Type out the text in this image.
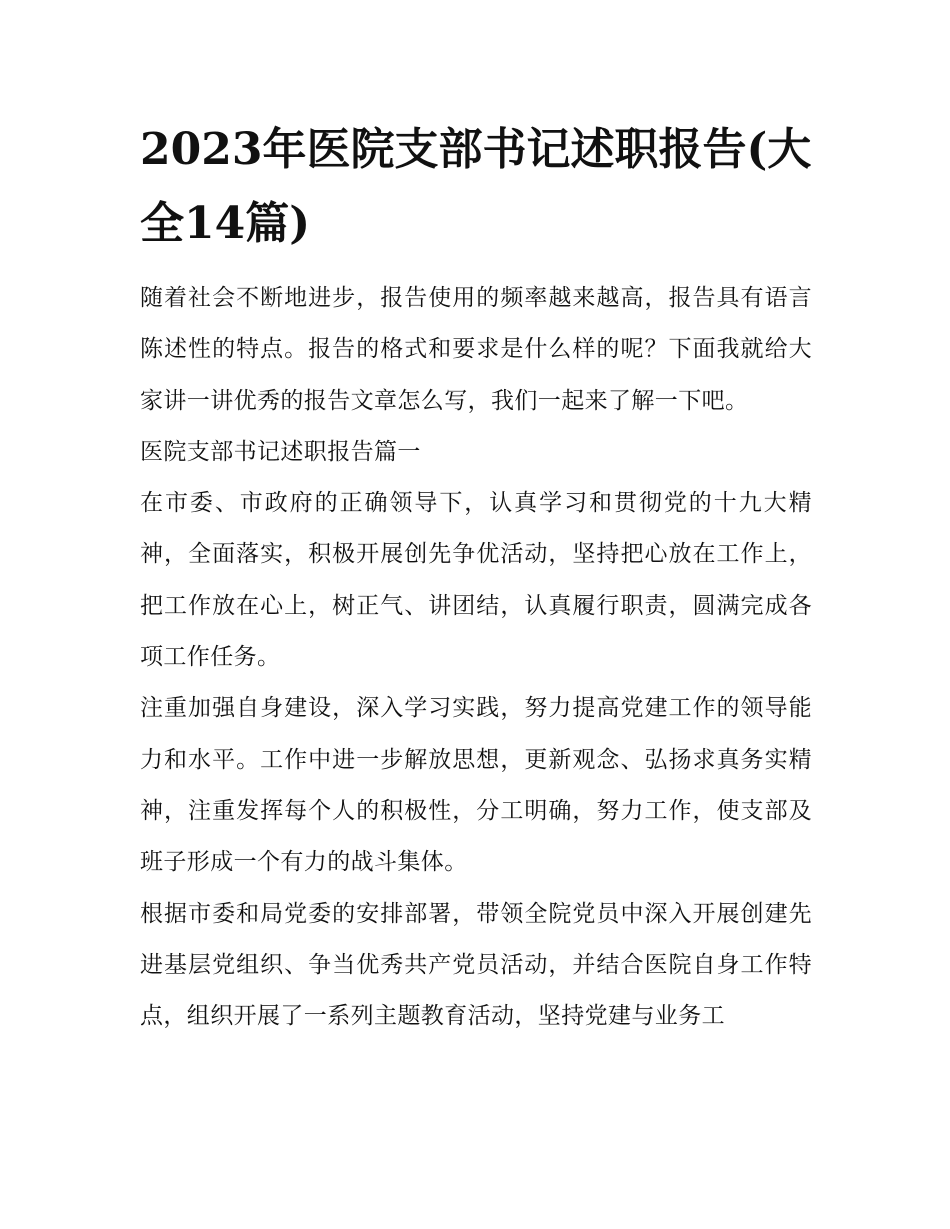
2023年医院支部书记述职报告(大全14篇)

随着社会不断地进步，报告使用的频率越来越高，报告具有语言陈述性的特点。报告的格式和要求是什么样的呢？下面我就给大家讲一讲优秀的报告文章怎么写，我们一起来了解一下吧。

医院支部书记述职报告篇一

在市委、市政府的正确领导下，认真学习和贯彻党的十九大精神，全面落实，积极开展创先争优活动，坚持把心放在工作上，把工作放在心上，树正气、讲团结，认真履行职责，圆满完成各项工作任务。

注重加强自身建设，深入学习实践，努力提高党建工作的领导能力和水平。工作中进一步解放思想，更新观念、弘扬求真务实精神，注重发挥每个人的积极性，分工明确，努力工作，使支部及班子形成一个有力的战斗集体。

根据市委和局党委的安排部署，带领全院党员中深入开展创建先进基层党组织、争当优秀共产党员活动，并结合医院自身工作特点，组织开展了一系列主题教育活动，坚持党建与业务工
